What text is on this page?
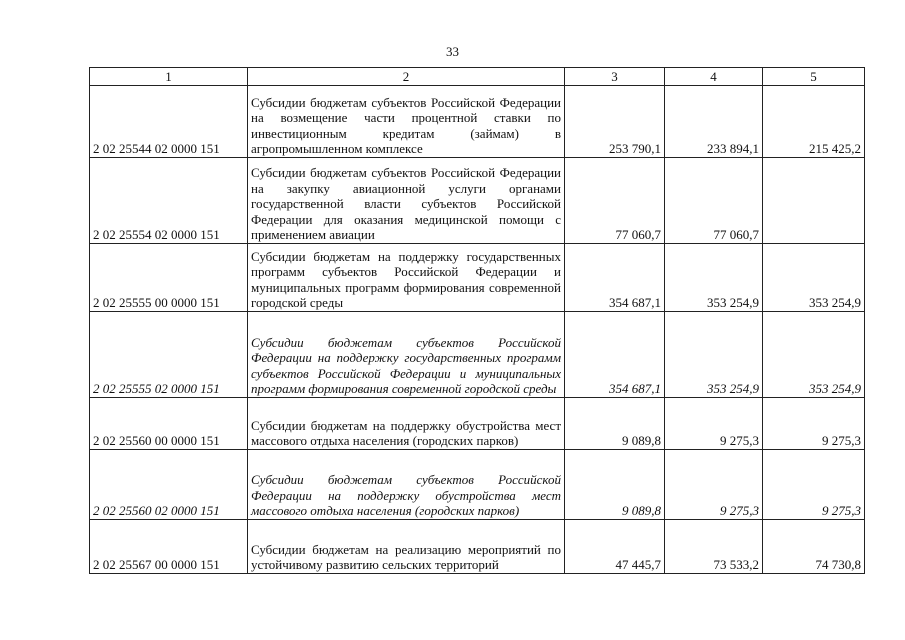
33
1	2	3	4	5
2 02 25544 02 0000 151	Субсидии бюджетам субъектов Российской Федерации на возмещение части процентной ставки по инвестиционным кредитам (займам) в агропромышленном комплексе	253 790,1	233 894,1	215 425,2
2 02 25554 02 0000 151	Субсидии бюджетам субъектов Российской Федерации на закупку авиационной услуги органами государственной власти субъектов Российской Федерации для оказания медицинской помощи с применением авиации	77 060,7	77 060,7	
2 02 25555 00 0000 151	Субсидии бюджетам на поддержку государственных программ субъектов Российской Федерации и муниципальных программ формирования современной городской среды	354 687,1	353 254,9	353 254,9
2 02 25555 02 0000 151	Субсидии бюджетам субъектов Российской Федерации на поддержку государственных программ субъектов Российской Федерации и муниципальных программ формирования современной городской среды	354 687,1	353 254,9	353 254,9
2 02 25560 00 0000 151	Субсидии бюджетам на поддержку обустройства мест массового отдыха населения (городских парков)	9 089,8	9 275,3	9 275,3
2 02 25560 02 0000 151	Субсидии бюджетам субъектов Российской Федерации на поддержку обустройства мест массового отдыха населения (городских парков)	9 089,8	9 275,3	9 275,3
2 02 25567 00 0000 151	Субсидии бюджетам на реализацию мероприятий по устойчивому развитию сельских территорий	47 445,7	73 533,2	74 730,8
